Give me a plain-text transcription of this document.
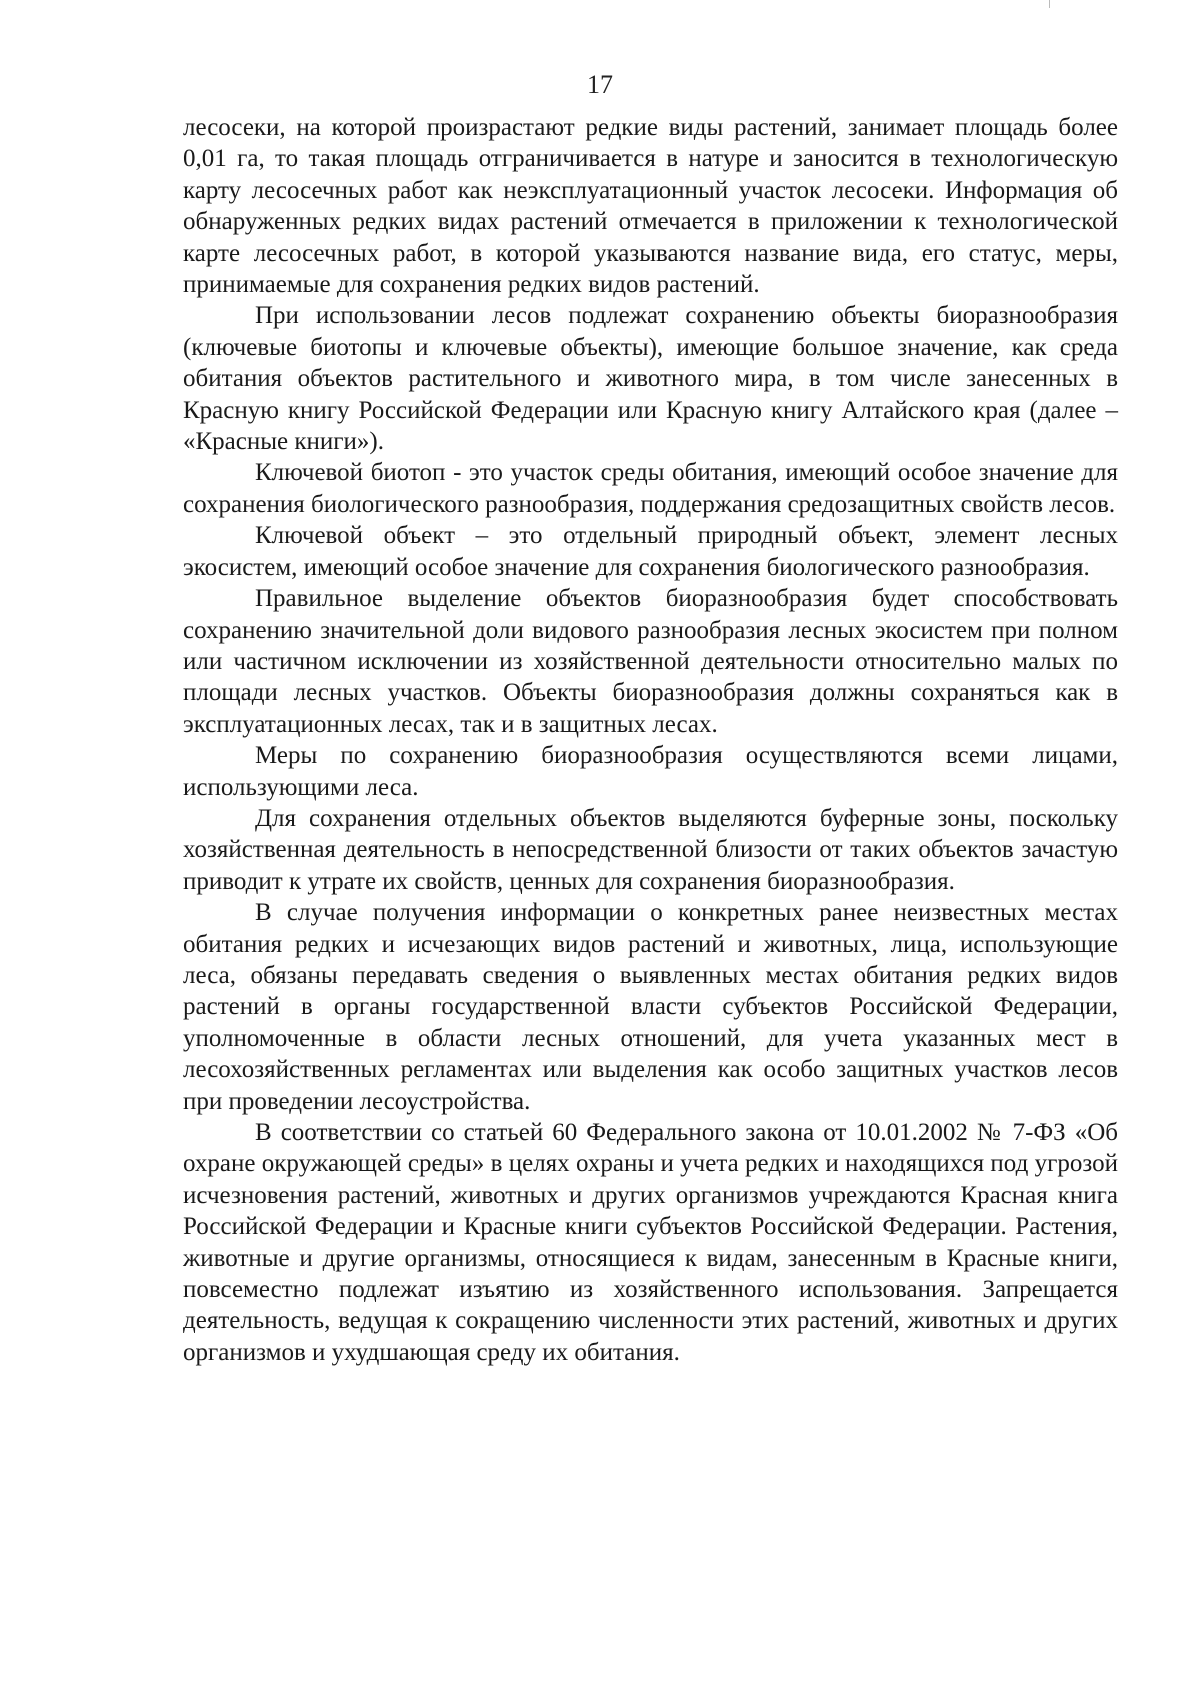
17

лесосеки, на которой произрастают редкие виды растений, занимает площадь более 0,01 га, то такая площадь отграничивается в натуре и заносится в технологическую карту лесосечных работ как неэксплуатационный участок лесосеки. Информация об обнаруженных редких видах растений отмечается в приложении к технологической карте лесосечных работ, в которой указываются название вида, его статус, меры, принимаемые для сохранения редких видов растений.

При использовании лесов подлежат сохранению объекты биоразнообразия (ключевые биотопы и ключевые объекты), имеющие большое значение, как среда обитания объектов растительного и животного мира, в том числе занесенных в Красную книгу Российской Федерации или Красную книгу Алтайского края (далее – «Красные книги»).

Ключевой биотоп - это участок среды обитания, имеющий особое значение для сохранения биологического разнообразия, поддержания средозащитных свойств лесов.

Ключевой объект – это отдельный природный объект, элемент лесных экосистем, имеющий особое значение для сохранения биологического разнообразия.

Правильное выделение объектов биоразнообразия будет способствовать сохранению значительной доли видового разнообразия лесных экосистем при полном или частичном исключении из хозяйственной деятельности относительно малых по площади лесных участков. Объекты биоразнообразия должны сохраняться как в эксплуатационных лесах, так и в защитных лесах.

Меры по сохранению биоразнообразия осуществляются всеми лицами, использующими леса.

Для сохранения отдельных объектов выделяются буферные зоны, поскольку хозяйственная деятельность в непосредственной близости от таких объектов зачастую приводит к утрате их свойств, ценных для сохранения биоразнообразия.

В случае получения информации о конкретных ранее неизвестных местах обитания редких и исчезающих видов растений и животных, лица, использующие леса, обязаны передавать сведения о выявленных местах обитания редких видов растений в органы государственной власти субъектов Российской Федерации, уполномоченные в области лесных отношений, для учета указанных мест в лесохозяйственных регламентах или выделения как особо защитных участков лесов при проведении лесоустройства.

В соответствии со статьей 60 Федерального закона от 10.01.2002 № 7-ФЗ «Об охране окружающей среды» в целях охраны и учета редких и находящихся под угрозой исчезновения растений, животных и других организмов учреждаются Красная книга Российской Федерации и Красные книги субъектов Российской Федерации. Растения, животные и другие организмы, относящиеся к видам, занесенным в Красные книги, повсеместно подлежат изъятию из хозяйственного использования. Запрещается деятельность, ведущая к сокращению численности этих растений, животных и других организмов и ухудшающая среду их обитания.
